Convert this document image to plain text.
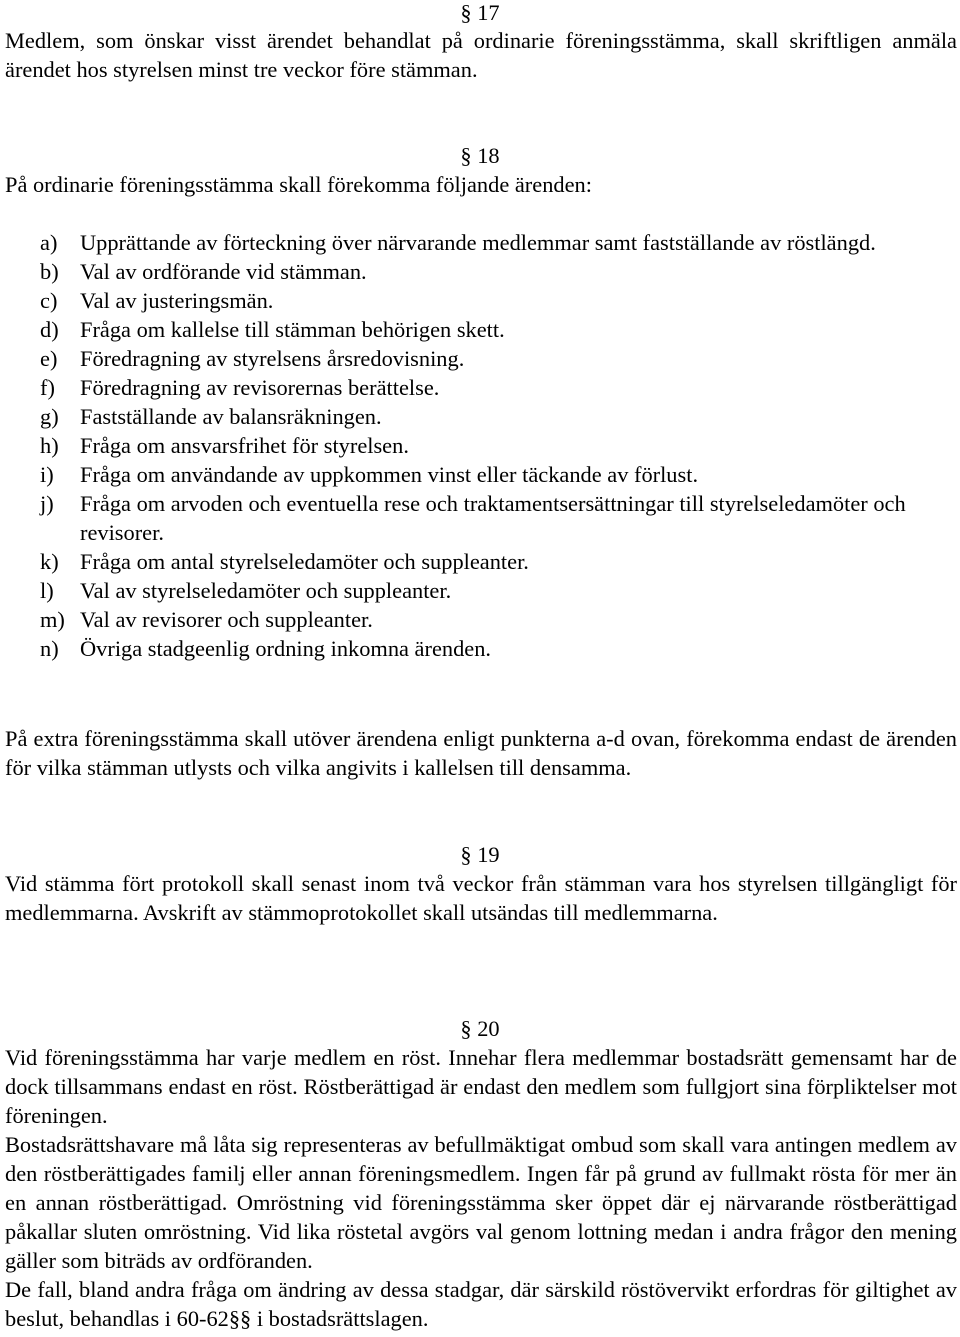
§ 17

Medlem, som önskar visst ärendet behandlat på ordinarie föreningsstämma, skall skriftligen anmäla ärendet hos styrelsen minst tre veckor före stämman.

§ 18

På ordinarie föreningsstämma skall förekomma följande ärenden:

a) Upprättande av förteckning över närvarande medlemmar samt fastställande av röstlängd.
b) Val av ordförande vid stämman.
c) Val av justeringsmän.
d) Fråga om kallelse till stämman behörigen skett.
e) Föredragning av styrelsens årsredovisning.
f) Föredragning av revisorernas berättelse.
g) Fastställande av balansräkningen.
h) Fråga om ansvarsfrihet för styrelsen.
i) Fråga om användande av uppkommen vinst eller täckande av förlust.
j) Fråga om arvoden och eventuella rese och traktamentsersättningar till styrelseledamöter och revisorer.
k) Fråga om antal styrelseledamöter och suppleanter.
l) Val av styrelseledamöter och suppleanter.
m) Val av revisorer och suppleanter.
n) Övriga stadgeenlig ordning inkomna ärenden.

På extra föreningsstämma skall utöver ärendena enligt punkterna a-d ovan, förekomma endast de ärenden för vilka stämman utlysts och vilka angivits i kallelsen till densamma.

§ 19

Vid stämma fört protokoll skall senast inom två veckor från stämman vara hos styrelsen tillgängligt för medlemmarna. Avskrift av stämmoprotokollet skall utsändas till medlemmarna.

§ 20

Vid föreningsstämma har varje medlem en röst. Innehar flera medlemmar bostadsrätt gemensamt har de dock tillsammans endast en röst. Röstberättigad är endast den medlem som fullgjort sina förpliktelser mot föreningen.

Bostadsrättshavare må låta sig representeras av befullmäktigat ombud som skall vara antingen medlem av den röstberättigades familj eller annan föreningsmedlem. Ingen får på grund av fullmakt rösta för mer än en annan röstberättigad. Omröstning vid föreningsstämma sker öppet där ej närvarande röstberättigad påkallar sluten omröstning. Vid lika röstetal avgörs val genom lottning medan i andra frågor den mening gäller som biträds av ordföranden.

De fall, bland andra fråga om ändring av dessa stadgar, där särskild röstövervikt erfordras för giltighet av beslut, behandlas i 60-62§§ i bostadsrättslagen.
